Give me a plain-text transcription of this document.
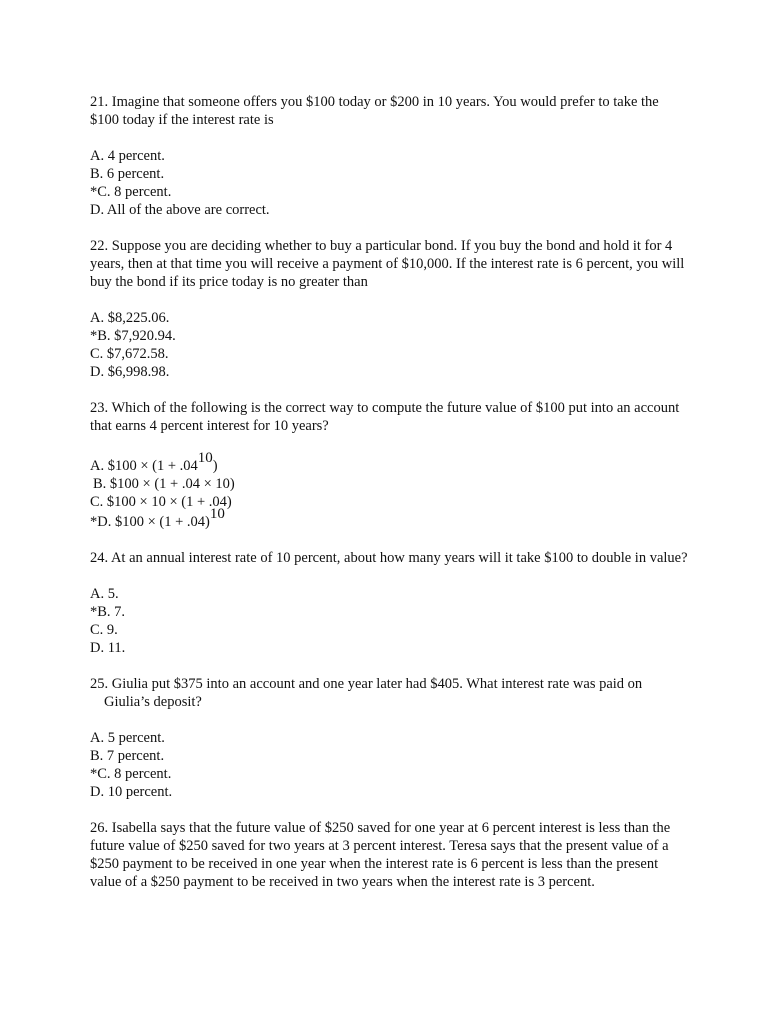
21. Imagine that someone offers you $100 today or $200 in 10 years. You would prefer to take the $100 today if the interest rate is

A. 4 percent.
B. 6 percent.
*C. 8 percent.
D. All of the above are correct.

22. Suppose you are deciding whether to buy a particular bond. If you buy the bond and hold it for 4 years, then at that time you will receive a payment of $10,000. If the interest rate is 6 percent, you will buy the bond if its price today is no greater than

A. $8,225.06.
*B. $7,920.94.
C. $7,672.58.
D. $6,998.98.

23. Which of the following is the correct way to compute the future value of $100 put into an account that earns 4 percent interest for 10 years?

A. $100 × $(1 + .04^{10})$
B. $100 × (1 + .04 × 10)
C. $100 × 10 × (1 + .04)
*D. $100 × $(1 + .04)^{10}$

24. At an annual interest rate of 10 percent, about how many years will it take $100 to double in value?

A. 5.
*B. 7.
C. 9.
D. 11.

25. Giulia put $375 into an account and one year later had $405. What interest rate was paid on Giulia’s deposit?

A. 5 percent.
B. 7 percent.
*C. 8 percent.
D. 10 percent.

26. Isabella says that the future value of $250 saved for one year at 6 percent interest is less than the future value of $250 saved for two years at 3 percent interest. Teresa says that the present value of a $250 payment to be received in one year when the interest rate is 6 percent is less than the present value of a $250 payment to be received in two years when the interest rate is 3 percent.
